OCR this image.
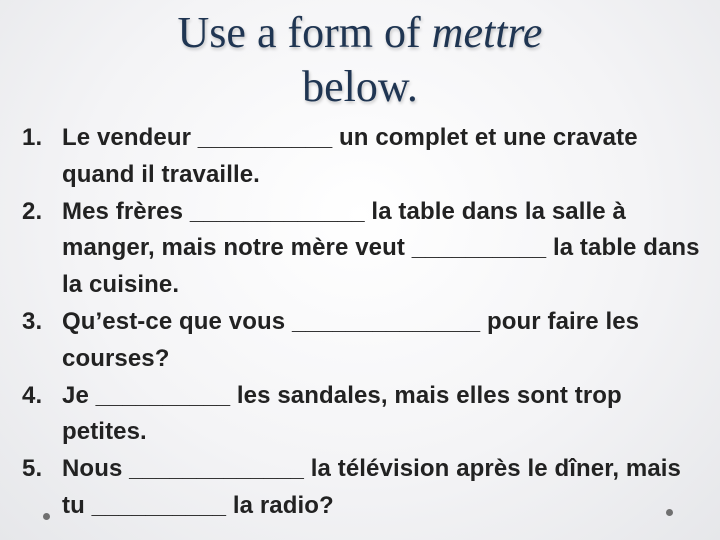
Use a form of mettre
below.
1. Le vendeur __________ un complet et une cravate quand il travaille.
2. Mes frères _____________ la table dans la salle à manger, mais notre mère veut __________ la table dans la cuisine.
3. Qu’est-ce que vous ______________ pour faire les courses?
4. Je __________ les sandales, mais elles sont trop petites.
5. Nous _____________ la télévision après le dîner, mais tu __________ la radio?
